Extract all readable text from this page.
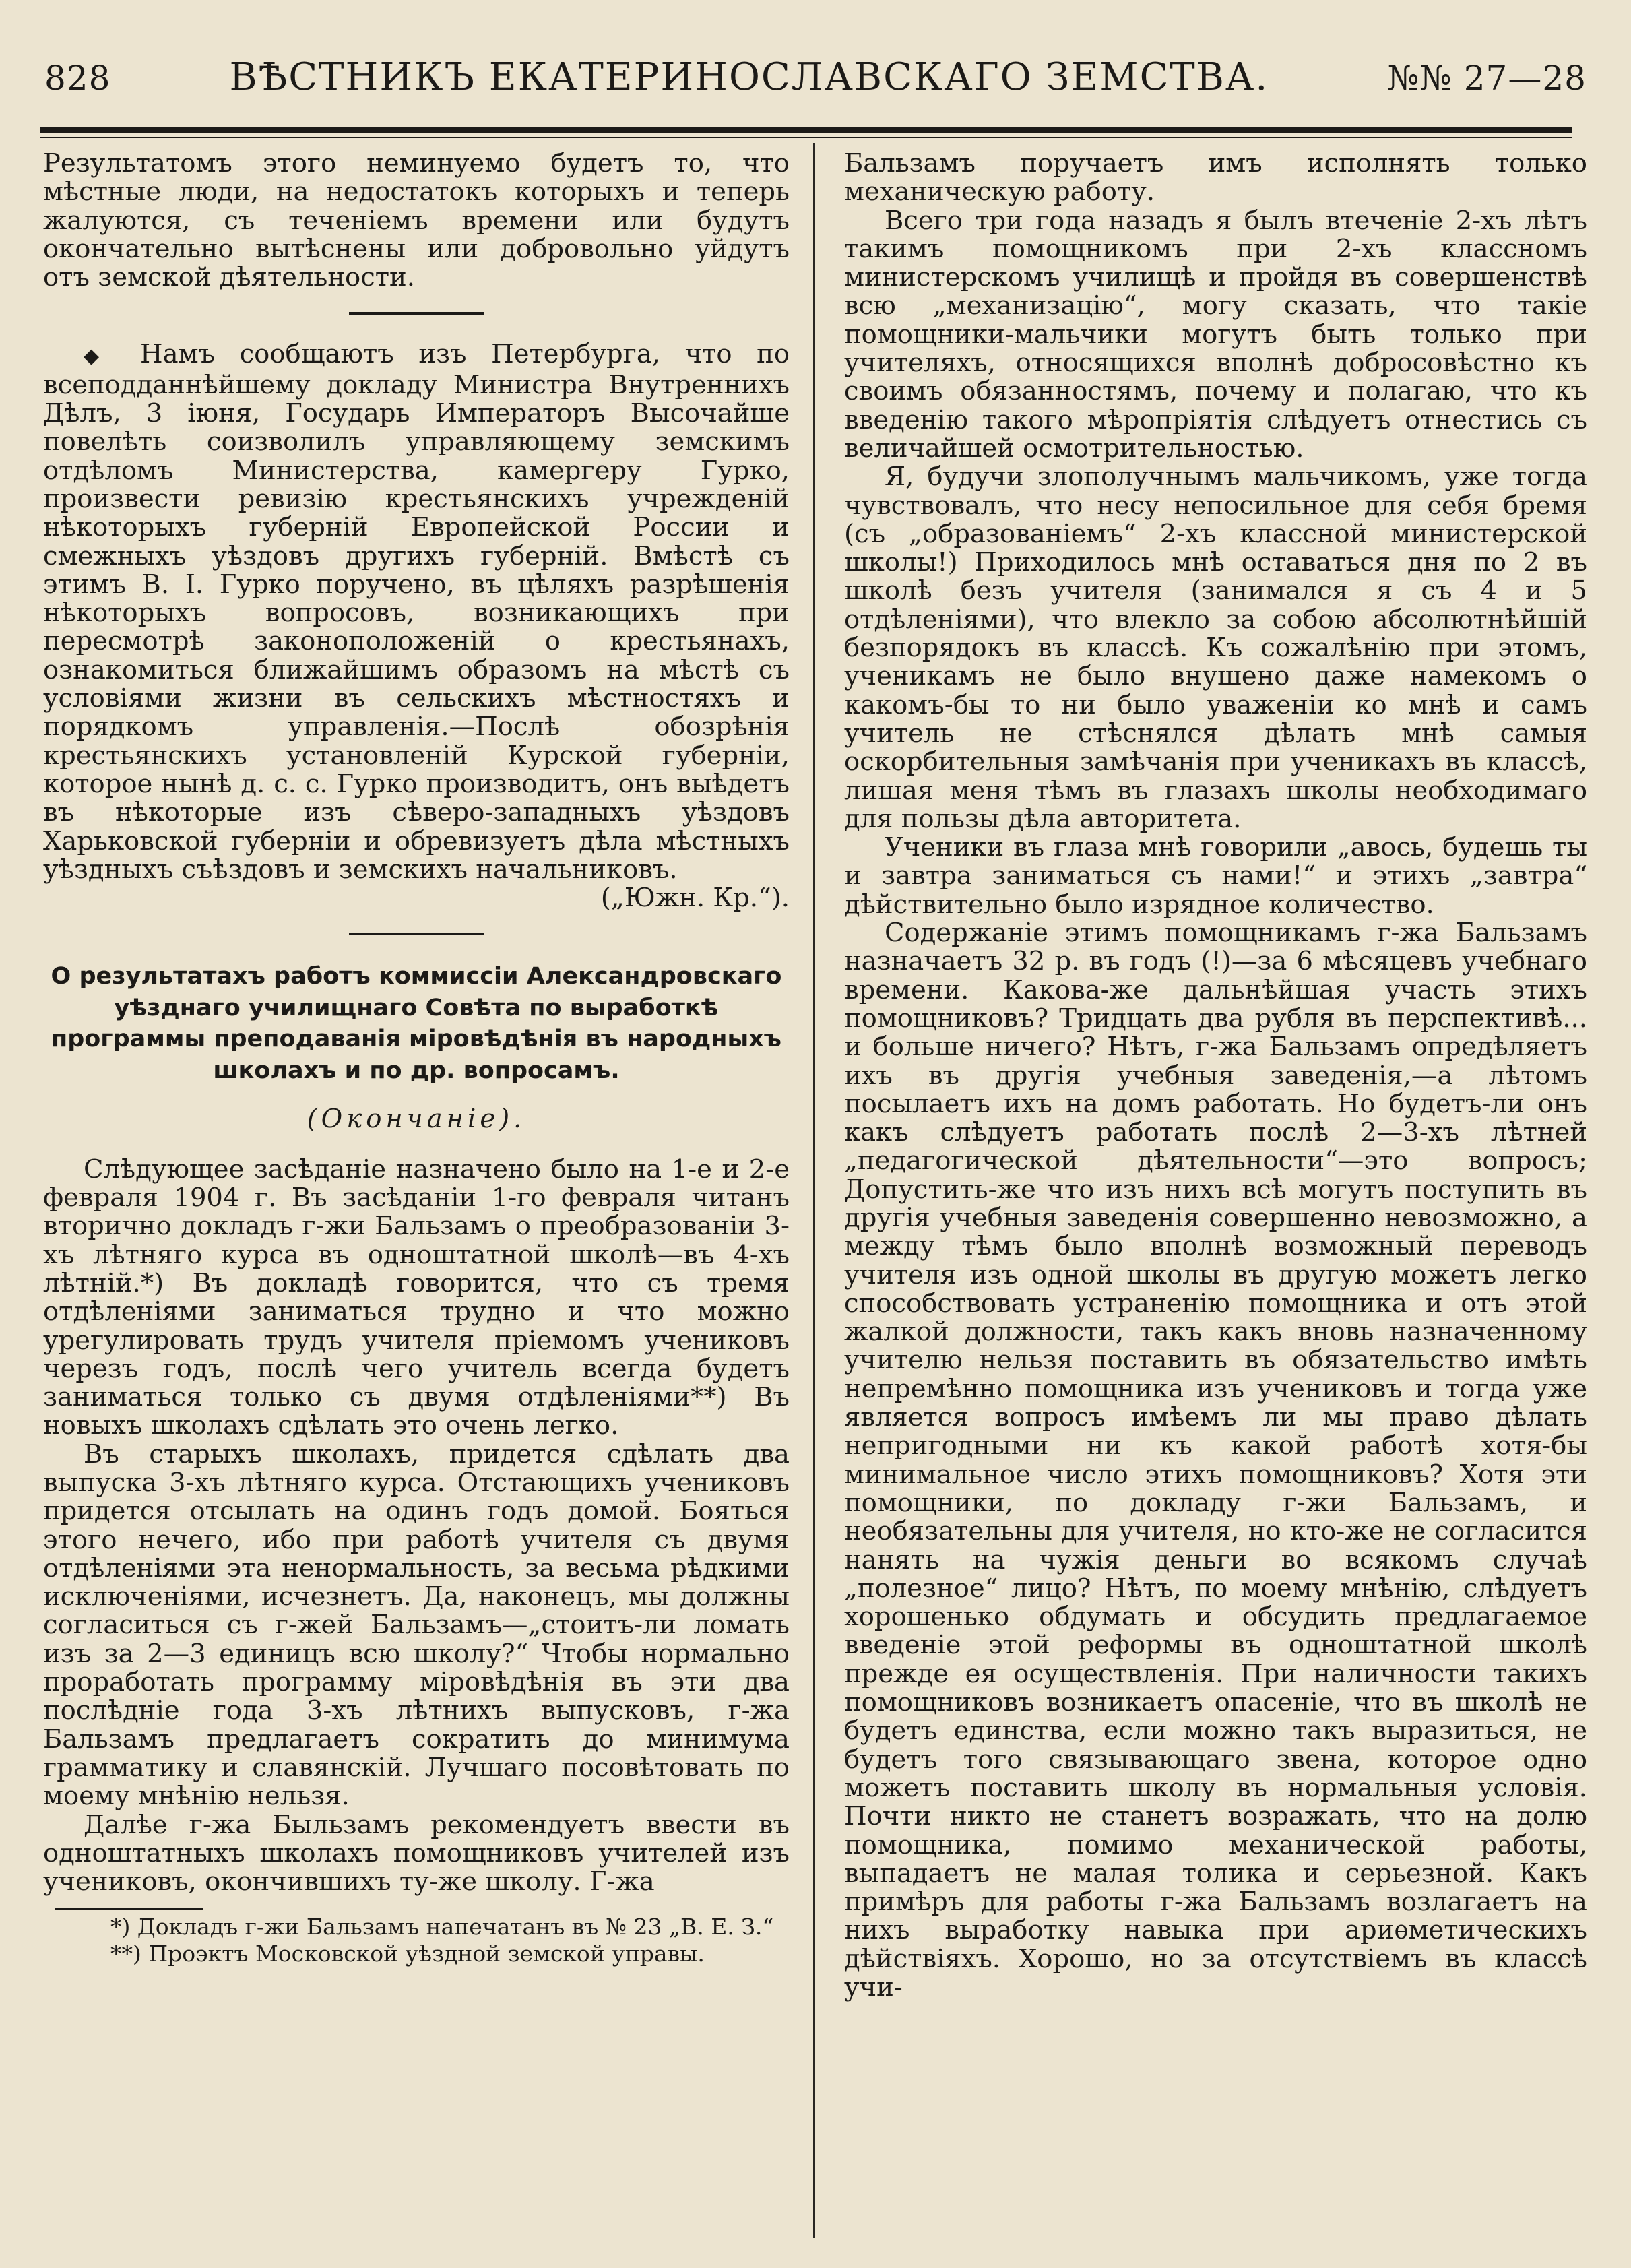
828	ВѢСТНИКЪ ЕКАТЕРИНОСЛАВСКАГО ЗЕМСТВА.	№№ 27—28

Результатомъ этого неминуемо будетъ то, что мѣстные люди, на недостатокъ которыхъ и теперь жалуются, съ теченіемъ времени или будутъ окончательно вытѣснены или добровольно уйдутъ отъ земской дѣятельности.

◆ Намъ сообщаютъ изъ Петербурга, что по всеподданнѣйшему докладу Министра Внутреннихъ Дѣлъ, 3 іюня, Государь Императоръ Высочайше повелѣть соизволилъ управляющему земскимъ отдѣломъ Министерства, камергеру Гурко, произвести ревизію крестьянскихъ учрежденій нѣкоторыхъ губерній Европейской России и смежныхъ уѣздовъ другихъ губерній. Вмѣстѣ съ этимъ В. І. Гурко поручено, въ цѣляхъ разрѣшенія нѣкоторыхъ вопросовъ, возникающихъ при пересмотрѣ законоположеній о крестьянахъ, ознакомиться ближайшимъ образомъ на мѣстѣ съ условіями жизни въ сельскихъ мѣстностяхъ и порядкомъ управленія.—Послѣ обозрѣнія крестьянскихъ установленій Курской губерніи, которое нынѣ д. с. с. Гурко производитъ, онъ выѣдетъ въ нѣкоторые изъ сѣверо-западныхъ уѣздовъ Харьковской губерніи и обревизуетъ дѣла мѣстныхъ уѣздныхъ съѣздовъ и земскихъ начальниковъ.

(„Южн. Кр.“).

О результатахъ работъ коммиссіи Александровскаго уѣзднаго училищнаго Совѣта по выработкѣ программы преподаванія міровѣдѣнія въ народныхъ школахъ и по др. вопросамъ.

(Окончаніе).

Слѣдующее засѣданіе назначено было на 1-е и 2-е февраля 1904 г. Въ засѣданіи 1-го февраля читанъ вторично докладъ г-жи Бальзамъ о преобразованіи 3-хъ лѣтняго курса въ одноштатной школѣ—въ 4-хъ лѣтній.*) Въ докладѣ говорится, что съ тремя отдѣленіями заниматься трудно и что можно урегулировать трудъ учителя пріемомъ учениковъ черезъ годъ, послѣ чего учитель всегда будетъ заниматься только съ двумя отдѣленіями**) Въ новыхъ школахъ сдѣлать это очень легко.

Въ старыхъ школахъ, придется сдѣлать два выпуска 3-хъ лѣтняго курса. Отстающихъ учениковъ придется отсылать на одинъ годъ домой. Бояться этого нечего, ибо при работѣ учителя съ двумя отдѣленіями эта ненормальность, за весьма рѣдкими исключеніями, исчезнетъ. Да, наконецъ, мы должны согласиться съ г-жей Бальзамъ—„стоитъ-ли ломать изъ за 2—3 единицъ всю школу?“ Чтобы нормально проработать программу міровѣдѣнія въ эти два послѣдніе года 3-хъ лѣтнихъ выпусковъ, г-жа Бальзамъ предлагаетъ сократить до минимума грамматику и славянскій. Лучшаго посовѣтовать по моему мнѣнію нельзя.

Далѣе г-жа Быльзамъ рекомендуетъ ввести въ одноштатныхъ школахъ помощниковъ учителей изъ учениковъ, окончившихъ ту-же школу. Г-жа

*) Докладъ г-жи Бальзамъ напечатанъ въ № 23 „В. Е. З.“

**) Проэктъ Московской уѣздной земской управы.

Бальзамъ поручаетъ имъ исполнять только механическую работу.

Всего три года назадъ я былъ втеченіе 2-хъ лѣтъ такимъ помощникомъ при 2-хъ классномъ министерскомъ училищѣ и пройдя въ совершенствѣ всю „механизацію“, могу сказать, что такіе помощники-мальчики могутъ быть только при учителяхъ, относящихся вполнѣ добросовѣстно къ своимъ обязанностямъ, почему и полагаю, что къ введенію такого мѣропріятія слѣдуетъ отнестись съ величайшей осмотрительностью.

Я, будучи злополучнымъ мальчикомъ, уже тогда чувствовалъ, что несу непосильное для себя бремя (съ „образованіемъ“ 2-хъ классной министерской школы!) Приходилось мнѣ оставаться дня по 2 въ школѣ безъ учителя (занимался я съ 4 и 5 отдѣленіями), что влекло за собою абсолютнѣйшій безпорядокъ въ классѣ. Къ сожалѣнію при этомъ, ученикамъ не было внушено даже намекомъ о какомъ-бы то ни было уваженіи ко мнѣ и самъ учитель не стѣснялся дѣлать мнѣ самыя оскорбительныя замѣчанія при ученикахъ въ классѣ, лишая меня тѣмъ въ глазахъ школы необходимаго для пользы дѣла авторитета.

Ученики въ глаза мнѣ говорили „авось, будешь ты и завтра заниматься съ нами!“ и этихъ „завтра“ дѣйствительно было изрядное количество.

Содержаніе этимъ помощникамъ г-жа Бальзамъ назначаетъ 32 р. въ годъ (!)—за 6 мѣсяцевъ учебнаго времени. Какова-же дальнѣйшая участь этихъ помощниковъ? Тридцать два рубля въ перспективѣ... и больше ничего? Нѣтъ, г-жа Бальзамъ опредѣляетъ ихъ въ другія учебныя заведенія,—а лѣтомъ посылаетъ ихъ на домъ работать. Но будетъ-ли онъ какъ слѣдуетъ работать послѣ 2—3-хъ лѣтней „педагогической дѣятельности“—это вопросъ; Допустить-же что изъ нихъ всѣ могутъ поступить въ другія учебныя заведенія совершенно невозможно, а между тѣмъ было вполнѣ возможный переводъ учителя изъ одной школы въ другую можетъ легко способствовать устраненію помощника и отъ этой жалкой должности, такъ какъ вновь назначенному учителю нельзя поставить въ обязательство имѣть непремѣнно помощника изъ учениковъ и тогда уже является вопросъ имѣемъ ли мы право дѣлать непригодными ни къ какой работѣ хотя-бы минимальное число этихъ помощниковъ? Хотя эти помощники, по докладу г-жи Бальзамъ, и необязательны для учителя, но кто-же не согласится нанять на чужія деньги во всякомъ случаѣ „полезное“ лицо? Нѣтъ, по моему мнѣнію, слѣдуетъ хорошенько обдумать и обсудить предлагаемое введеніе этой реформы въ одноштатной школѣ прежде ея осуществленія. При наличности такихъ помощниковъ возникаетъ опасеніе, что въ школѣ не будетъ единства, если можно такъ выразиться, не будетъ того связывающаго звена, которое одно можетъ поставить школу въ нормальныя условія. Почти никто не станетъ возражать, что на долю помощника, помимо механической работы, выпадаетъ не малая толика и серьезной. Какъ примѣръ для работы г-жа Бальзамъ возлагаетъ на нихъ выработку навыка при ариѳметическихъ дѣйствіяхъ. Хорошо, но за отсутствіемъ въ классѣ учи-
